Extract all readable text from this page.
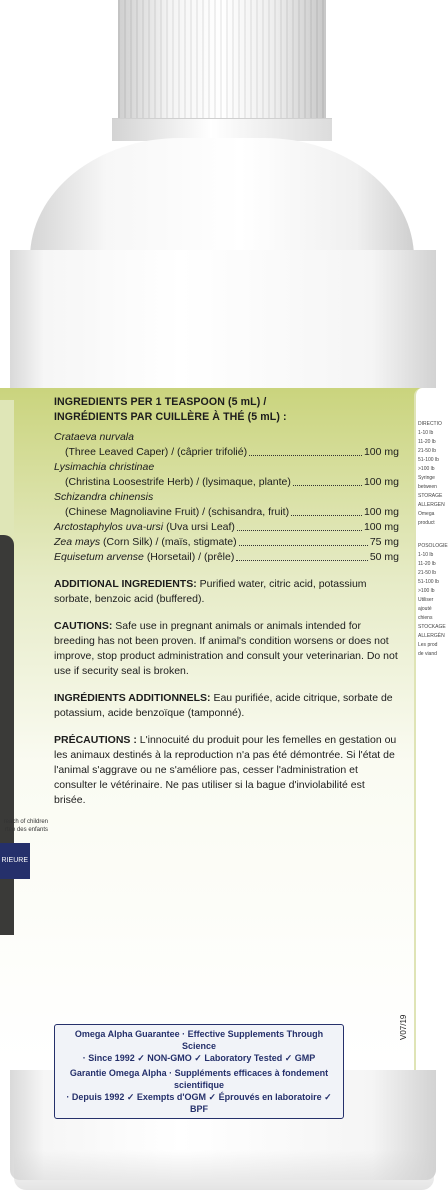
reach of children
rtée des enfants
RIEURE
DIRECTIO
1-10 lb
11-20 lb
21-50 lb
51-100 lb
>100 lb
Syringe
between
STORAGE
ALLERGEN
Omega
product
POSOLOGIE
1-10 lb
11-20 lb
21-50 lb
51-100 lb
>100 lb
Utiliser
ajouté
chiens
STOCKAGE
ALLERGÈN
Les prod
de viand
INGREDIENTS PER 1 TEASPOON (5 mL) /
INGRÉDIENTS PAR CUILLÈRE À THÉ (5 mL) :
Crataeva nurvala
(Three Leaved Caper) / (câprier trifolié)	100 mg
Lysimachia christinae
(Christina Loosestrife Herb) / (lysimaque, plante)	100 mg
Schizandra chinensis
(Chinese Magnoliavine Fruit) / (schisandra, fruit)	100 mg
Arctostaphylos uva-ursi (Uva ursi Leaf)	100 mg
Zea mays (Corn Silk) / (maïs, stigmate)	75 mg
Equisetum arvense (Horsetail) / (prêle)	50 mg
ADDITIONAL INGREDIENTS: Purified water, citric acid, potassium sorbate, benzoic acid (buffered).
CAUTIONS: Safe use in pregnant animals or animals intended for breeding has not been proven. If animal's condition worsens or does not improve, stop product administration and consult your veterinarian. Do not use if security seal is broken.
INGRÉDIENTS ADDITIONNELS: Eau purifiée, acide citrique, sorbate de potassium, acide benzoïque (tamponné).
PRÉCAUTIONS : L'innocuité du produit pour les femelles en gestation ou les animaux destinés à la reproduction n'a pas été démontrée. Si l'état de l'animal s'aggrave ou ne s'améliore pas, cesser l'administration et consulter le vétérinaire. Ne pas utiliser si la bague d'inviolabilité est brisée.
Omega Alpha Guarantee · Effective Supplements Through Science
· Since 1992 ✓ NON-GMO ✓ Laboratory Tested ✓ GMP
Garantie Omega Alpha · Suppléments efficaces à fondement scientifique
· Depuis 1992 ✓ Exempts d'OGM ✓ Éprouvés en laboratoire ✓ BPF
V07/19
